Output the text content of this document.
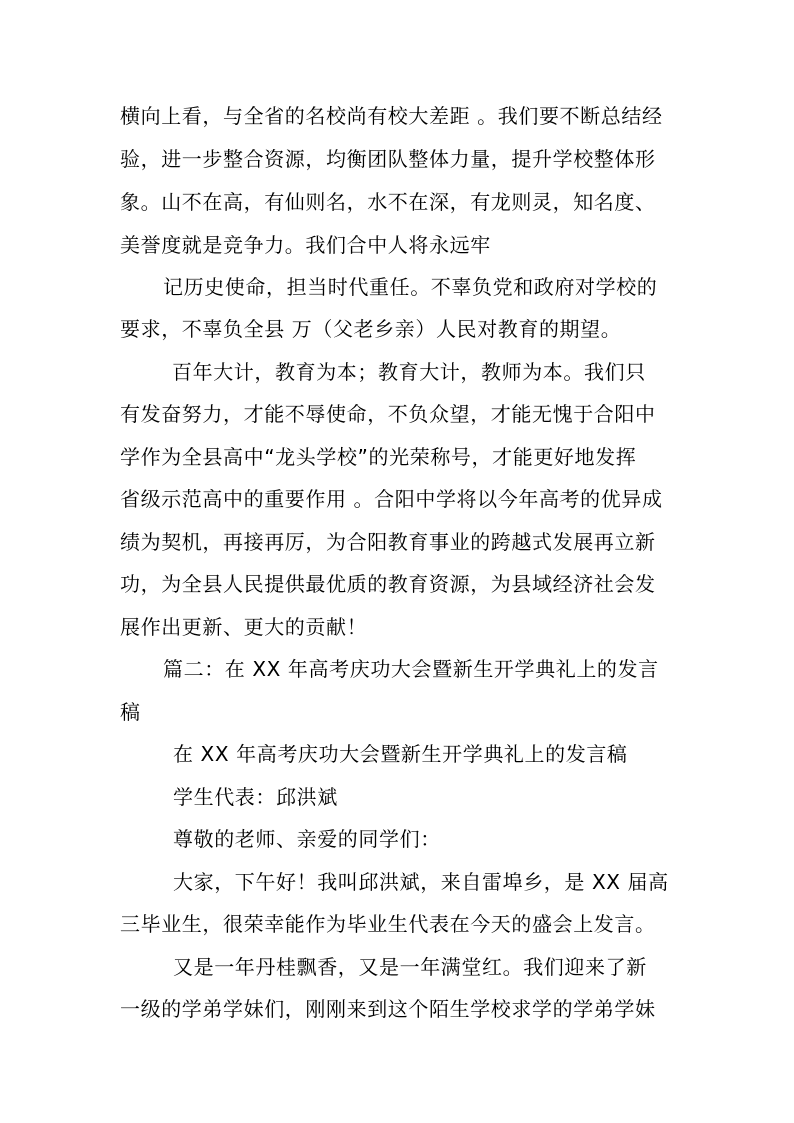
横向上看，与全省的名校尚有校大差距 。我们要不断总结经
验，进一步整合资源，均衡团队整体力量，提升学校整体形
象。山不在高，有仙则名，水不在深，有龙则灵，知名度、
美誉度就是竞争力。我们合中人将永远牢
记历史使命，担当时代重任。不辜负党和政府对学校的
要求，不辜负全县 万（父老乡亲）人民对教育的期望。
百年大计，教育为本；教育大计，教师为本。我们只
有发奋努力，才能不辱使命，不负众望，才能无愧于合阳中
学作为全县高中“龙头学校”的光荣称号，才能更好地发挥
省级示范高中的重要作用 。合阳中学将以今年高考的优异成
绩为契机，再接再厉，为合阳教育事业的跨越式发展再立新
功，为全县人民提供最优质的教育资源，为县域经济社会发
展作出更新、更大的贡献！
篇二：在 XX 年高考庆功大会暨新生开学典礼上的发言
稿
在 XX 年高考庆功大会暨新生开学典礼上的发言稿
学生代表：邱洪斌
尊敬的老师、亲爱的同学们：
大家，下午好！我叫邱洪斌，来自雷埠乡，是 XX 届高
三毕业生，很荣幸能作为毕业生代表在今天的盛会上发言。
又是一年丹桂飘香，又是一年满堂红。我们迎来了新
一级的学弟学妹们，刚刚来到这个陌生学校求学的学弟学妹
